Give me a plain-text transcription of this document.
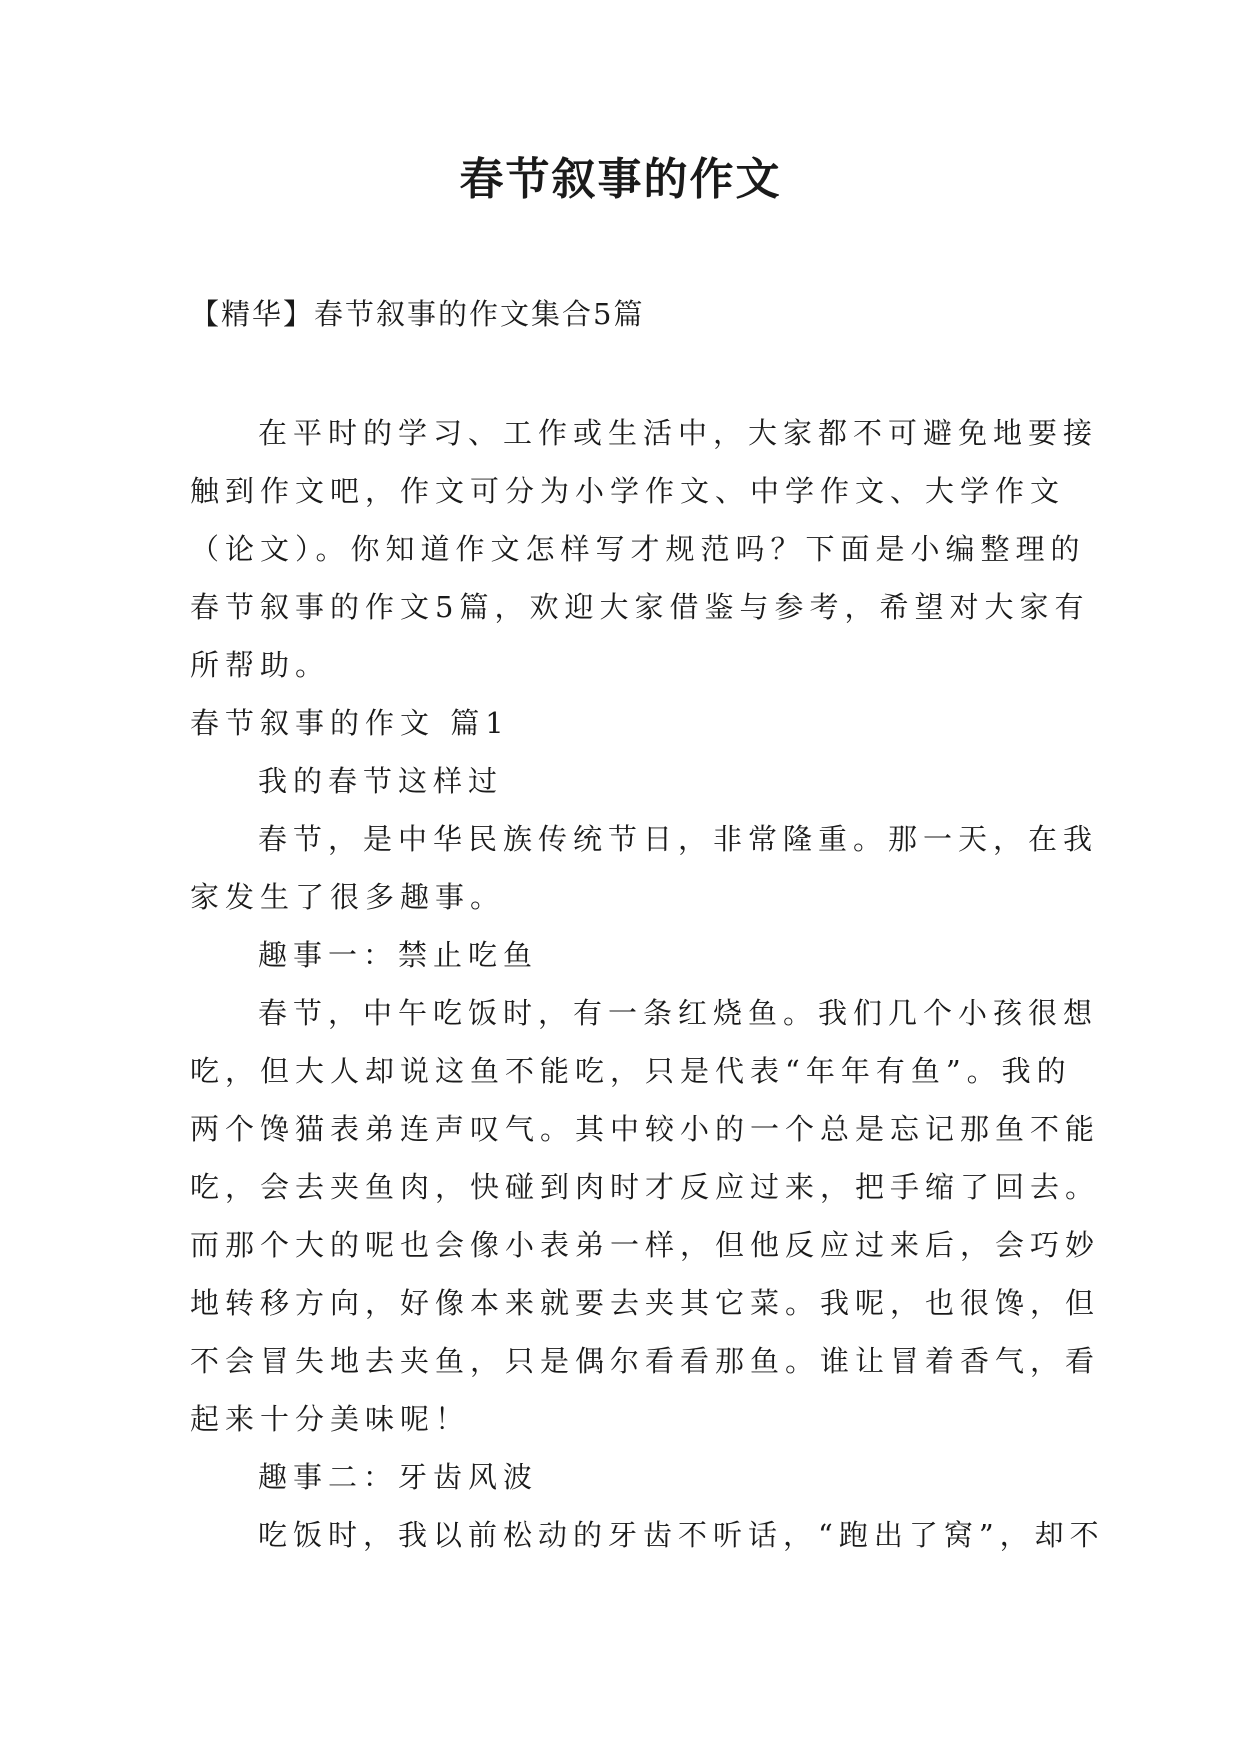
春节叙事的作文

【精华】春节叙事的作文集合5篇

在平时的学习、工作或生活中，大家都不可避免地要接

触到作文吧，作文可分为小学作文、中学作文、大学作文

（论文）。你知道作文怎样写才规范吗？下面是小编整理的

春节叙事的作文5篇，欢迎大家借鉴与参考，希望对大家有

所帮助。

春节叙事的作文 篇1

我的春节这样过

春节，是中华民族传统节日，非常隆重。那一天，在我

家发生了很多趣事。

趣事一：禁止吃鱼

春节，中午吃饭时，有一条红烧鱼。我们几个小孩很想

吃，但大人却说这鱼不能吃，只是代表“年年有鱼”。我的

两个馋猫表弟连声叹气。其中较小的一个总是忘记那鱼不能

吃，会去夹鱼肉，快碰到肉时才反应过来，把手缩了回去。

而那个大的呢也会像小表弟一样，但他反应过来后，会巧妙

地转移方向，好像本来就要去夹其它菜。我呢，也很馋，但

不会冒失地去夹鱼，只是偶尔看看那鱼。谁让冒着香气，看

起来十分美味呢！

趣事二：牙齿风波

吃饭时，我以前松动的牙齿不听话，“跑出了窝”，却不
